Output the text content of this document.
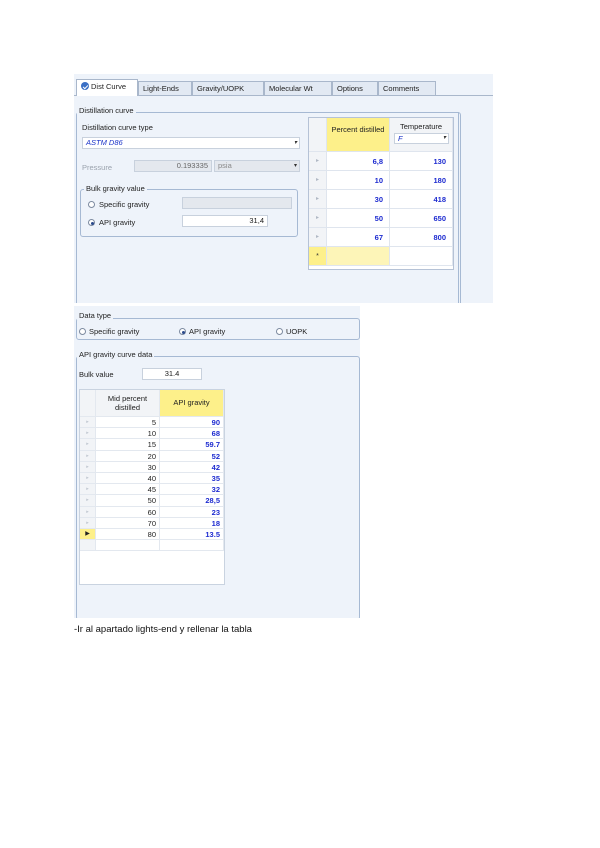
Dist Curve	Light-Ends	Gravity/UOPK	Molecular Wt	Options	Comments
Distillation curve
Distillation curve type
ASTM D86	▾
Pressure	0.193335	psia	▾
Bulk gravity value
Specific gravity
API gravity	31,4
Percent distilled	Temperature
F	▾
▸	6,8	130
▸	10	180
▸	30	418
▸	50	650
▸	67	800
*
Data type
Specific gravity	API gravity	UOPK
API gravity curve data
Bulk value	31.4
Mid percent distilled
API gravity
▸	5	90
▸	10	68
▸	15	59.7
▸	20	52
▸	30	42
▸	40	35
▸	45	32
▸	50	28,5
▸	60	23
▸	70	18
▶	80	13.5
-Ir al apartado lights-end y rellenar la tabla
